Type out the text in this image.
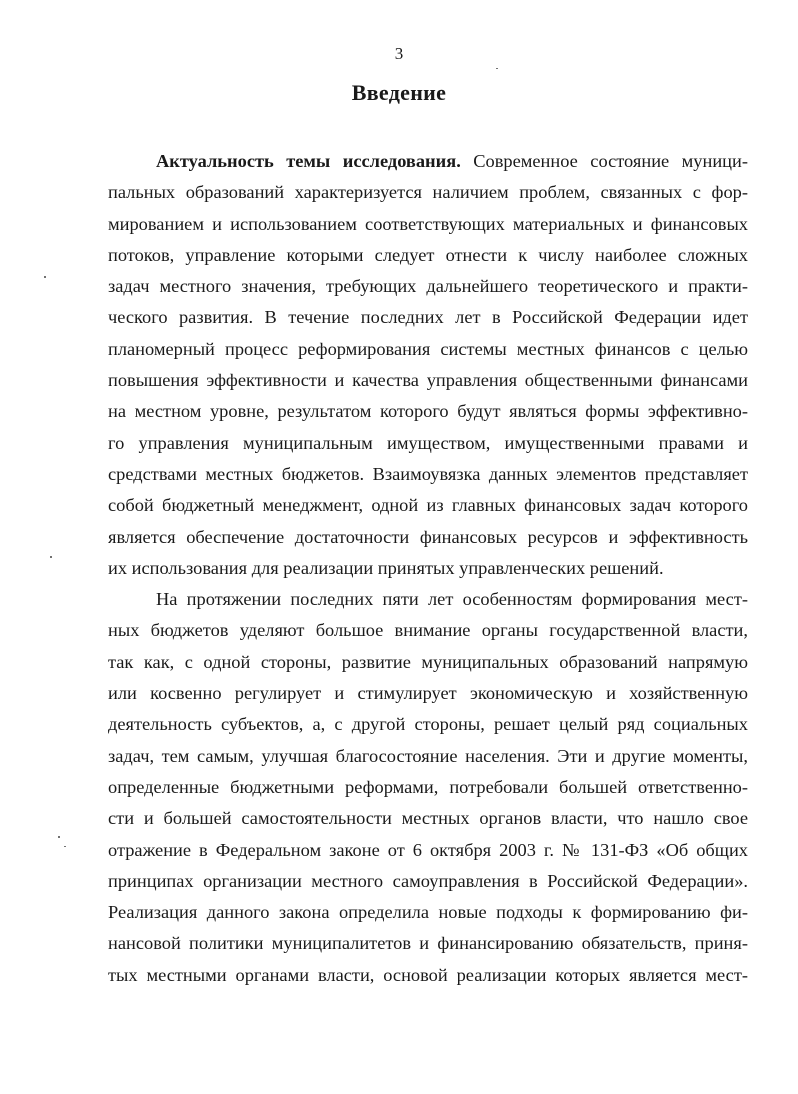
3
Введение
Актуальность темы исследования. Современное состояние муници-
пальных образований характеризуется наличием проблем, связанных с фор-
мированием и использованием соответствующих материальных и финансовых
потоков, управление которыми следует отнести к числу наиболее сложных
задач местного значения, требующих дальнейшего теоретического и практи-
ческого развития. В течение последних лет в Российской Федерации идет
планомерный процесс реформирования системы местных финансов с целью
повышения эффективности и качества управления общественными финансами
на местном уровне, результатом которого будут являться формы эффективно-
го управления муниципальным имуществом, имущественными правами и
средствами местных бюджетов. Взаимоувязка данных элементов представляет
собой бюджетный менеджмент, одной из главных финансовых задач которого
является обеспечение достаточности финансовых ресурсов и эффективность
их использования для реализации принятых управленческих решений.
На протяжении последних пяти лет особенностям формирования мест-
ных бюджетов уделяют большое внимание органы государственной власти,
так как, с одной стороны, развитие муниципальных образований напрямую
или косвенно регулирует и стимулирует экономическую и хозяйственную
деятельность субъектов, а, с другой стороны, решает целый ряд социальных
задач, тем самым, улучшая благосостояние населения. Эти и другие моменты,
определенные бюджетными реформами, потребовали большей ответственно-
сти и большей самостоятельности местных органов власти, что нашло свое
отражение в Федеральном законе от 6 октября 2003 г. № 131-ФЗ «Об общих
принципах организации местного самоуправления в Российской Федерации».
Реализация данного закона определила новые подходы к формированию фи-
нансовой политики муниципалитетов и финансированию обязательств, приня-
тых местными органами власти, основой реализации которых является мест-
